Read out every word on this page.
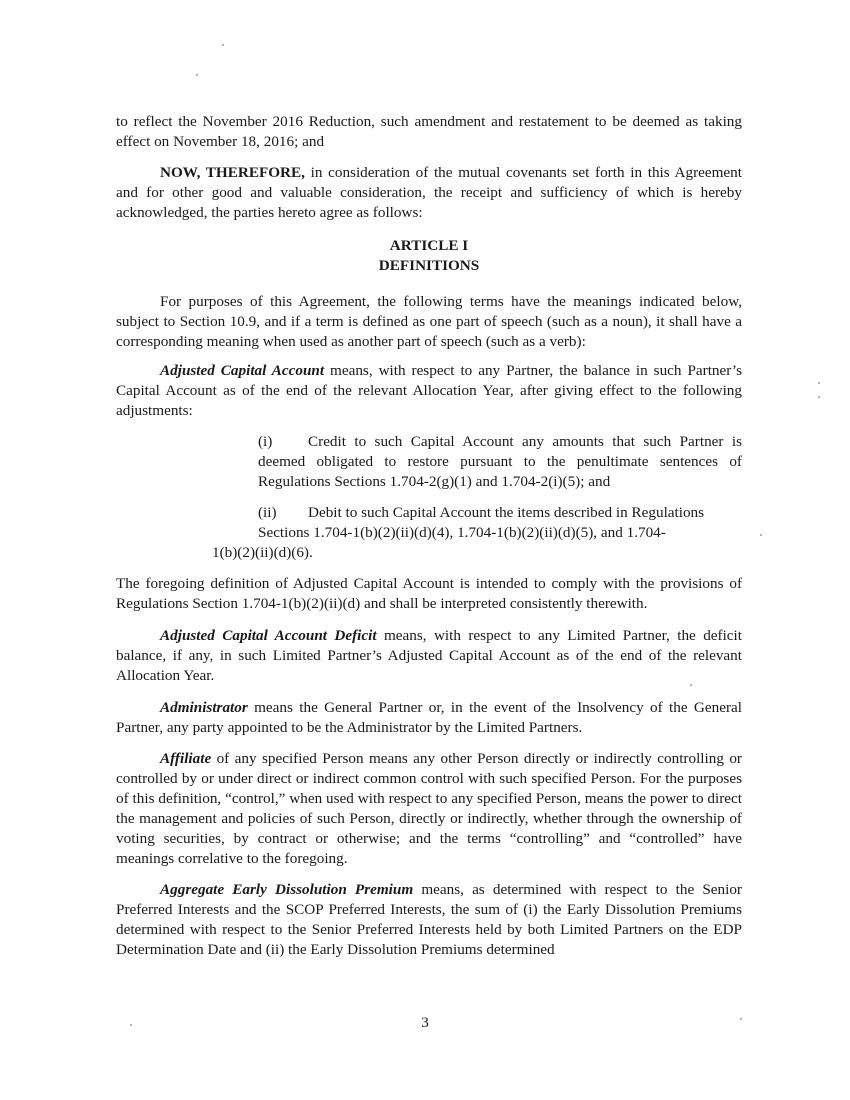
to reflect the November 2016 Reduction, such amendment and restatement to be deemed as taking effect on November 18, 2016; and

NOW, THEREFORE, in consideration of the mutual covenants set forth in this Agreement and for other good and valuable consideration, the receipt and sufficiency of which is hereby acknowledged, the parties hereto agree as follows:

ARTICLE I

DEFINITIONS

For purposes of this Agreement, the following terms have the meanings indicated below, subject to Section 10.9, and if a term is defined as one part of speech (such as a noun), it shall have a corresponding meaning when used as another part of speech (such as a verb):

Adjusted Capital Account means, with respect to any Partner, the balance in such Partner’s Capital Account as of the end of the relevant Allocation Year, after giving effect to the following adjustments:

(i) Credit to such Capital Account any amounts that such Partner is deemed obligated to restore pursuant to the penultimate sentences of Regulations Sections 1.704-2(g)(1) and 1.704-2(i)(5); and
(ii) Debit to such Capital Account the items described in Regulations Sections 1.704-1(b)(2)(ii)(d)(4), 1.704-1(b)(2)(ii)(d)(5), and 1.704-
1(b)(2)(ii)(d)(6).

The foregoing definition of Adjusted Capital Account is intended to comply with the provisions of Regulations Section 1.704-1(b)(2)(ii)(d) and shall be interpreted consistently therewith.

Adjusted Capital Account Deficit means, with respect to any Limited Partner, the deficit balance, if any, in such Limited Partner’s Adjusted Capital Account as of the end of the relevant Allocation Year.

Administrator means the General Partner or, in the event of the Insolvency of the General Partner, any party appointed to be the Administrator by the Limited Partners.

Affiliate of any specified Person means any other Person directly or indirectly controlling or controlled by or under direct or indirect common control with such specified Person. For the purposes of this definition, “control,” when used with respect to any specified Person, means the power to direct the management and policies of such Person, directly or indirectly, whether through the ownership of voting securities, by contract or otherwise; and the terms “controlling” and “controlled” have meanings correlative to the foregoing.

Aggregate Early Dissolution Premium means, as determined with respect to the Senior Preferred Interests and the SCOP Preferred Interests, the sum of (i) the Early Dissolution Premiums determined with respect to the Senior Preferred Interests held by both Limited Partners on the EDP Determination Date and (ii) the Early Dissolution Premiums determined

3
